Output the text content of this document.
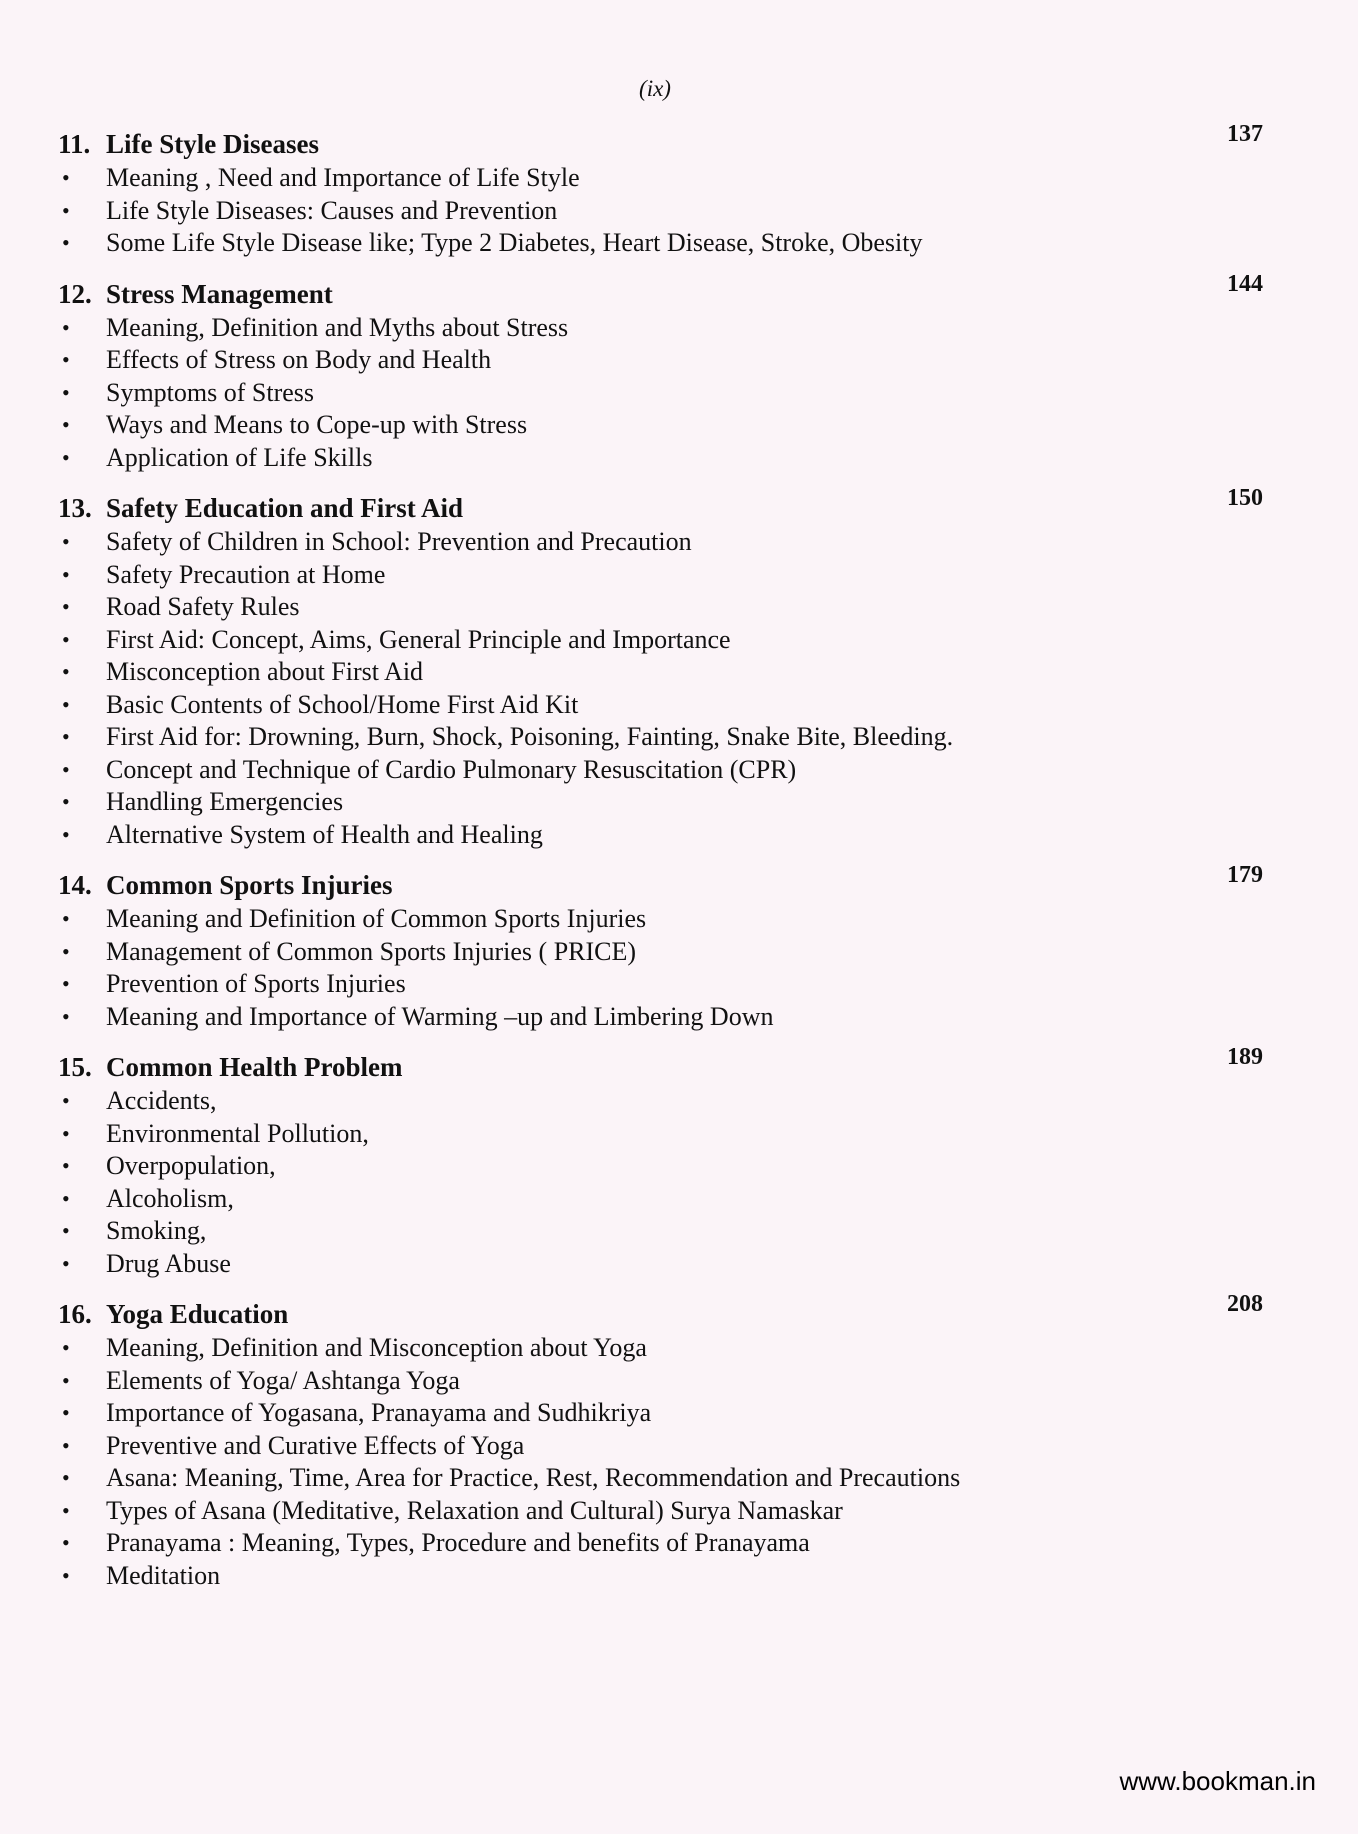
(ix)
11. Life Style Diseases	137
• Meaning , Need and Importance of Life Style
• Life Style Diseases: Causes and Prevention
• Some Life Style Disease like; Type 2 Diabetes, Heart Disease, Stroke, Obesity
12. Stress Management	144
• Meaning, Definition and Myths about Stress
• Effects of Stress on Body and Health
• Symptoms of Stress
• Ways and Means to Cope-up with Stress
• Application of Life Skills
13. Safety Education and First Aid	150
• Safety of Children in School: Prevention and Precaution
• Safety Precaution at Home
• Road Safety Rules
• First Aid: Concept, Aims, General Principle and Importance
• Misconception about First Aid
• Basic Contents of School/Home First Aid Kit
• First Aid for: Drowning, Burn, Shock, Poisoning, Fainting, Snake Bite, Bleeding.
• Concept and Technique of Cardio Pulmonary Resuscitation (CPR)
• Handling Emergencies
• Alternative System of Health and Healing
14. Common Sports Injuries	179
• Meaning and Definition of Common Sports Injuries
• Management of Common Sports Injuries ( PRICE)
• Prevention of Sports Injuries
• Meaning and Importance of Warming –up and Limbering Down
15. Common Health Problem	189
• Accidents,
• Environmental Pollution,
• Overpopulation,
• Alcoholism,
• Smoking,
• Drug Abuse
16. Yoga Education	208
• Meaning, Definition and Misconception about Yoga
• Elements of Yoga/ Ashtanga Yoga
• Importance of Yogasana, Pranayama and Sudhikriya
• Preventive and Curative Effects of Yoga
• Asana: Meaning, Time, Area for Practice, Rest, Recommendation and Precautions
• Types of Asana (Meditative, Relaxation and Cultural) Surya Namaskar
• Pranayama : Meaning, Types, Procedure and benefits of Pranayama
• Meditation
www.bookman.in
